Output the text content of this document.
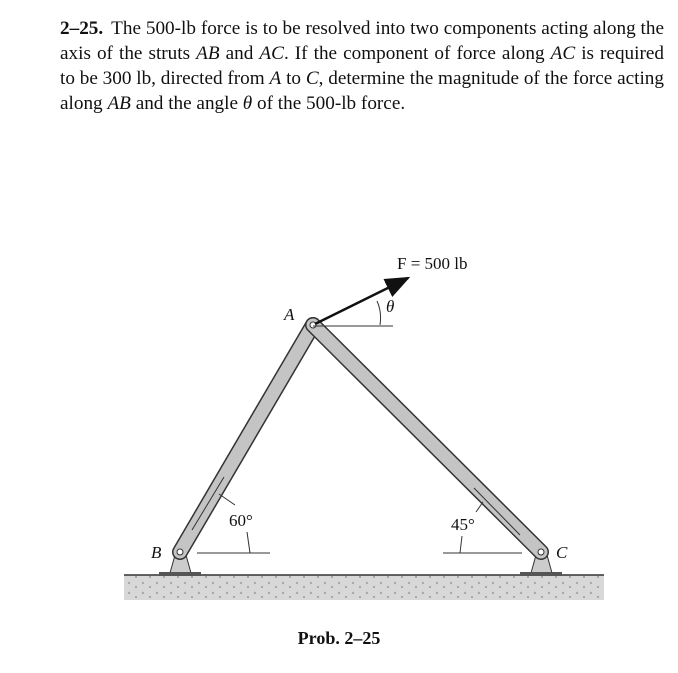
2–25. The 500-lb force is to be resolved into two components acting along the axis of the struts AB and AC. If the component of force along AC is required to be 300 lb, directed from A to C, determine the magnitude of the force acting along AB and the angle θ of the 500-lb force.
F = 500 lb
θ
A
B	C
60°	45°
Prob. 2–25
